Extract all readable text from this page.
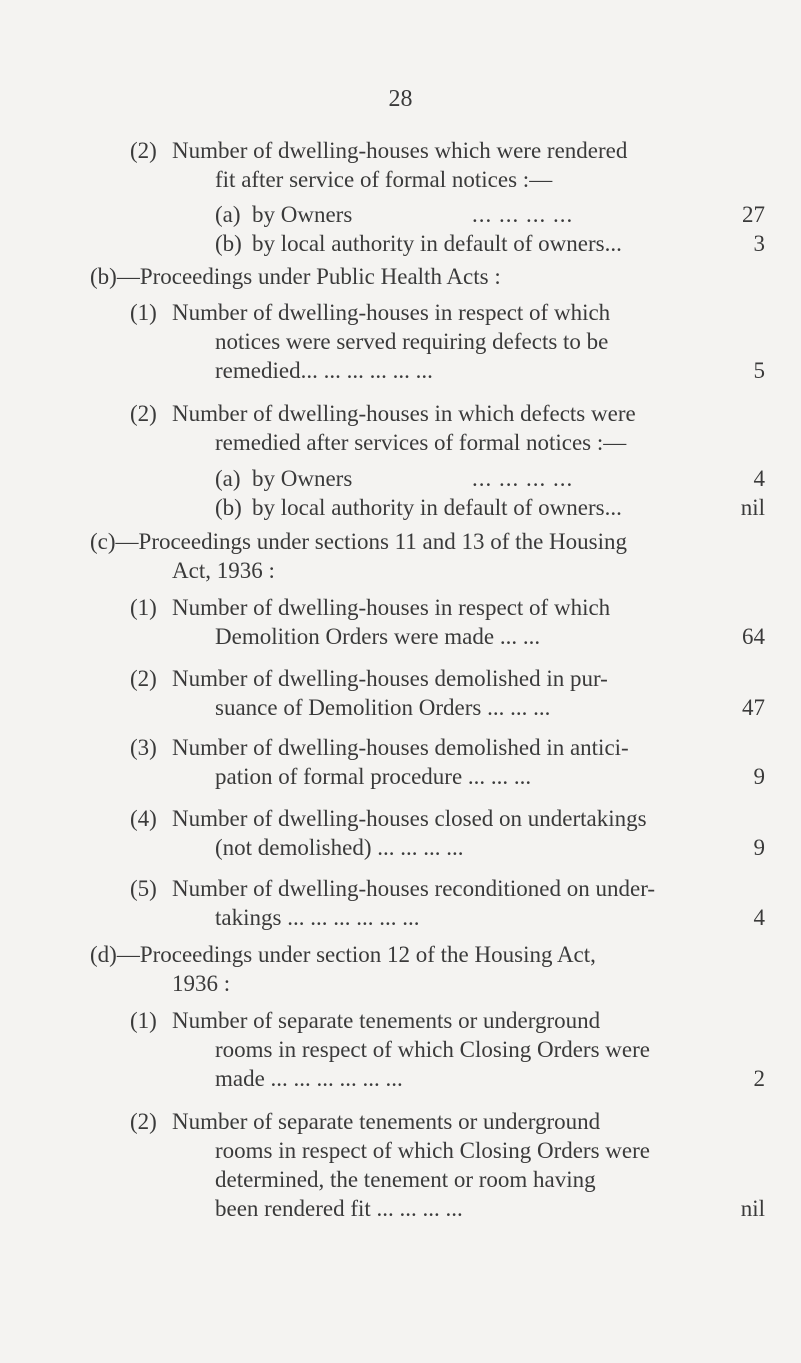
28
(2) Number of dwelling-houses which were rendered
fit after service of formal notices :—
(a) by Owners	... ... ... ...	27
(b) by local authority in default of owners...	3
(b)—Proceedings under Public Health Acts :
(1) Number of dwelling-houses in respect of which
notices were served requiring defects to be
remedied... ... ... ... ... ...	5
(2) Number of dwelling-houses in which defects were
remedied after services of formal notices :—
(a) by Owners	... ... ... ...	4
(b) by local authority in default of owners...	nil
(c)—Proceedings under sections 11 and 13 of the Housing
Act, 1936 :
(1) Number of dwelling-houses in respect of which
Demolition Orders were made ... ...	64
(2) Number of dwelling-houses demolished in pur-
suance of Demolition Orders ... ... ...	47
(3) Number of dwelling-houses demolished in antici-
pation of formal procedure ... ... ...	9
(4) Number of dwelling-houses closed on undertakings
(not demolished) ... ... ... ...	9
(5) Number of dwelling-houses reconditioned on under-
takings ... ... ... ... ... ...	4
(d)—Proceedings under section 12 of the Housing Act,
1936 :
(1) Number of separate tenements or underground
rooms in respect of which Closing Orders were
made ... ... ... ... ... ...	2
(2) Number of separate tenements or underground
rooms in respect of which Closing Orders were
determined, the tenement or room having
been rendered fit ... ... ... ...	nil
